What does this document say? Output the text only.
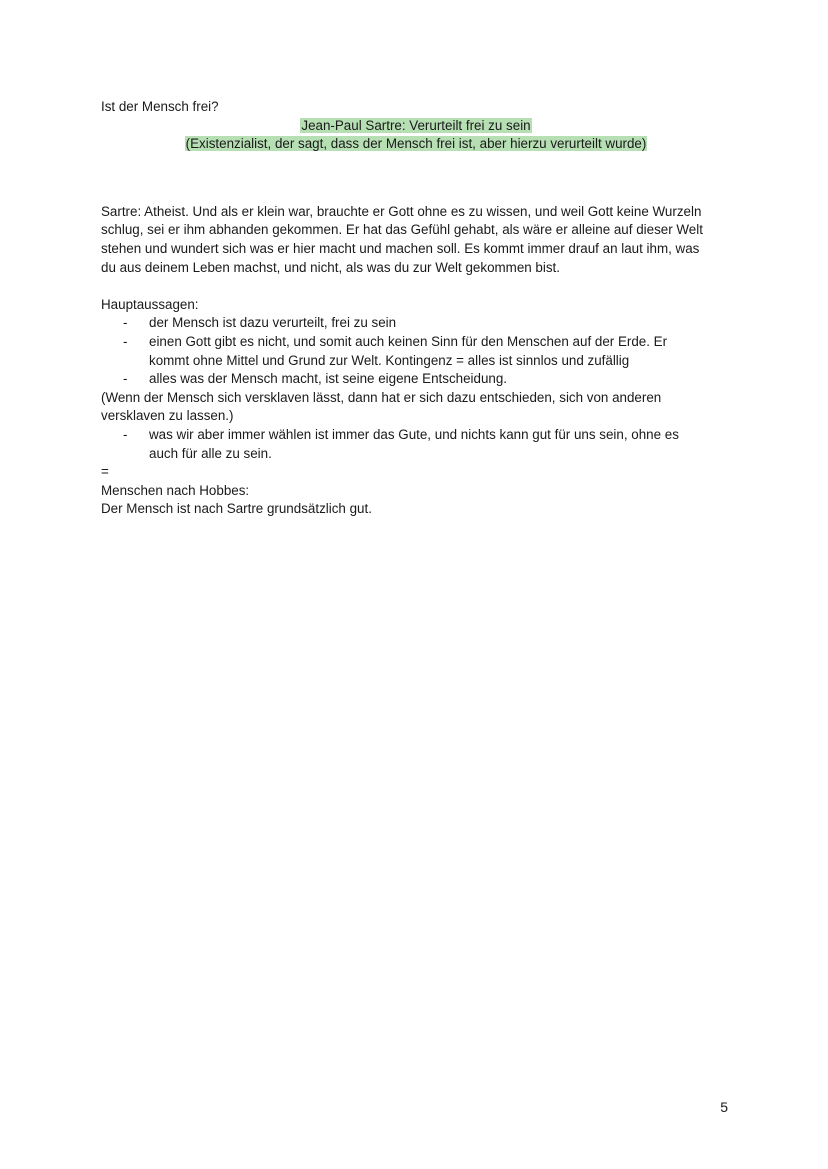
Ist der Mensch frei?
Jean-Paul Sartre: Verurteilt frei zu sein
(Existenzialist, der sagt, dass der Mensch frei ist, aber hierzu verurteilt wurde)
Sartre: Atheist. Und als er klein war, brauchte er Gott ohne es zu wissen, und weil Gott keine Wurzeln
schlug, sei er ihm abhanden gekommen. Er hat das Gefühl gehabt, als wäre er alleine auf dieser Welt
stehen und wundert sich was er hier macht und machen soll. Es kommt immer drauf an laut ihm, was
du aus deinem Leben machst, und nicht, als was du zur Welt gekommen bist.
Hauptaussagen:
- der Mensch ist dazu verurteilt, frei zu sein
- einen Gott gibt es nicht, und somit auch keinen Sinn für den Menschen auf der Erde. Er
kommt ohne Mittel und Grund zur Welt. Kontingenz = alles ist sinnlos und zufällig
- alles was der Mensch macht, ist seine eigene Entscheidung.
(Wenn der Mensch sich versklaven lässt, dann hat er sich dazu entschieden, sich von anderen
versklaven zu lassen.)
- was wir aber immer wählen ist immer das Gute, und nichts kann gut für uns sein, ohne es
auch für alle zu sein.
=
Menschen nach Hobbes:
Der Mensch ist nach Sartre grundsätzlich gut.
5
